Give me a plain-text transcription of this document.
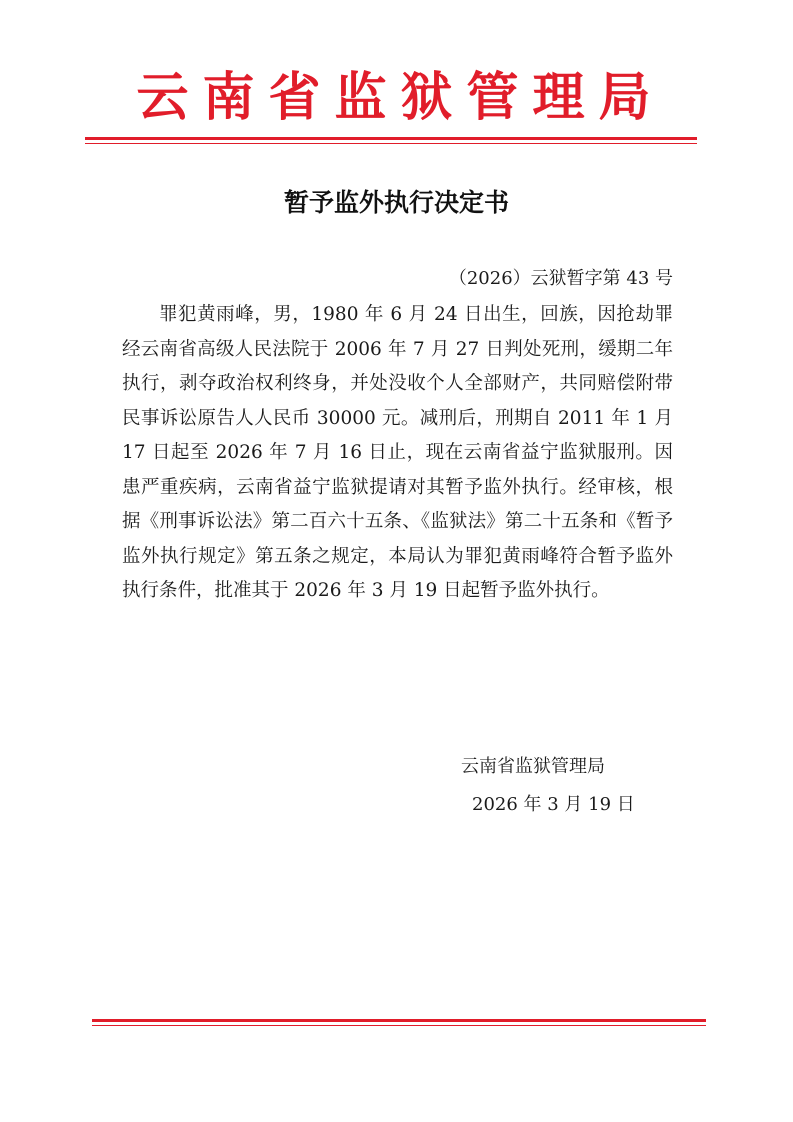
云南省监狱管理局
暂予监外执行决定书
（2026）云狱暂字第 43 号

罪犯黄雨峰，男，1980 年 6 月 24 日出生，回族，因抢劫罪经云南省高级人民法院于 2006 年 7 月 27 日判处死刑，缓期二年执行，剥夺政治权利终身，并处没收个人全部财产，共同赔偿附带民事诉讼原告人人民币 30000 元。减刑后，刑期自 2011 年 1 月 17 日起至 2026 年 7 月 16 日止，现在云南省益宁监狱服刑。因患严重疾病，云南省益宁监狱提请对其暂予监外执行。经审核，根据《刑事诉讼法》第二百六十五条、《监狱法》第二十五条和《暂予监外执行规定》第五条之规定，本局认为罪犯黄雨峰符合暂予监外执行条件，批准其于 2026 年 3 月 19 日起暂予监外执行。

云南省监狱管理局
2026 年 3 月 19 日
